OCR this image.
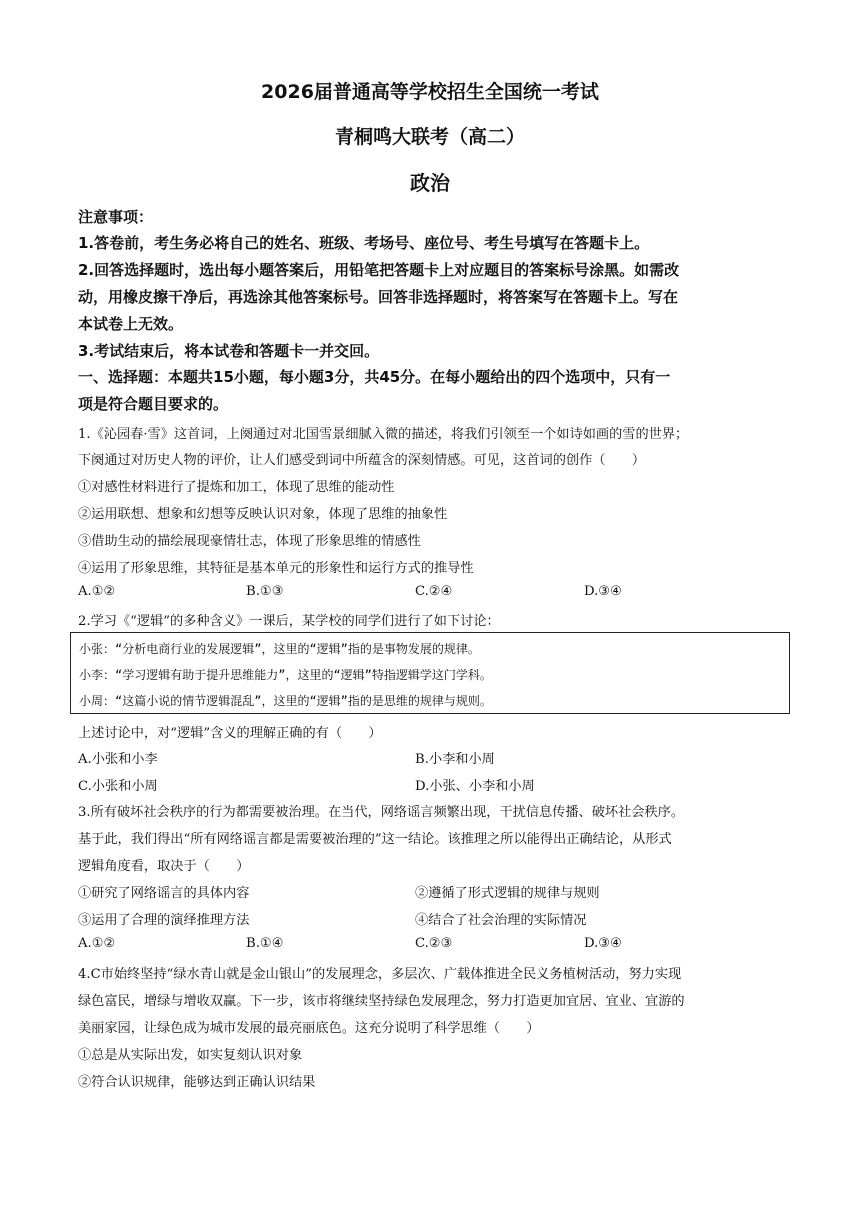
2026届普通高等学校招生全国统一考试
青桐鸣大联考（高二）
政治
注意事项：
1.答卷前，考生务必将自己的姓名、班级、考场号、座位号、考生号填写在答题卡上。
2.回答选择题时，选出每小题答案后，用铅笔把答题卡上对应题目的答案标号涂黑。如需改
动，用橡皮擦干净后，再选涂其他答案标号。回答非选择题时，将答案写在答题卡上。写在
本试卷上无效。
3.考试结束后，将本试卷和答题卡一并交回。
一、选择题：本题共15小题，每小题3分，共45分。在每小题给出的四个选项中，只有一
项是符合题目要求的。
1.《沁园春·雪》这首词，上阕通过对北国雪景细腻入微的描述，将我们引领至一个如诗如画的雪的世界；
下阕通过对历史人物的评价，让人们感受到词中所蕴含的深刻情感。可见，这首词的创作（　　）
①对感性材料进行了提炼和加工，体现了思维的能动性
②运用联想、想象和幻想等反映认识对象，体现了思维的抽象性
③借助生动的描绘展现豪情壮志，体现了形象思维的情感性
④运用了形象思维，其特征是基本单元的形象性和运行方式的推导性
A.①②	B.①③	C.②④	D.③④
2.学习《“逻辑”的多种含义》一课后，某学校的同学们进行了如下讨论：
小张：“分析电商行业的发展逻辑”，这里的“逻辑”指的是事物发展的规律。
小李：“学习逻辑有助于提升思维能力”，这里的“逻辑”特指逻辑学这门学科。
小周：“这篇小说的情节逻辑混乱”，这里的“逻辑”指的是思维的规律与规则。
上述讨论中，对“逻辑”含义的理解正确的有（　　）
A.小张和小李	B.小李和小周
C.小张和小周	D.小张、小李和小周
3.所有破坏社会秩序的行为都需要被治理。在当代，网络谣言频繁出现，干扰信息传播、破坏社会秩序。
基于此，我们得出“所有网络谣言都是需要被治理的”这一结论。该推理之所以能得出正确结论，从形式
逻辑角度看，取决于（　　）
①研究了网络谣言的具体内容	②遵循了形式逻辑的规律与规则
③运用了合理的演绎推理方法	④结合了社会治理的实际情况
A.①②	B.①④	C.②③	D.③④
4.C市始终坚持“绿水青山就是金山银山”的发展理念，多层次、广载体推进全民义务植树活动，努力实现
绿色富民，增绿与增收双赢。下一步，该市将继续坚持绿色发展理念，努力打造更加宜居、宜业、宜游的
美丽家园，让绿色成为城市发展的最亮丽底色。这充分说明了科学思维（　　）
①总是从实际出发，如实复刻认识对象
②符合认识规律，能够达到正确认识结果
